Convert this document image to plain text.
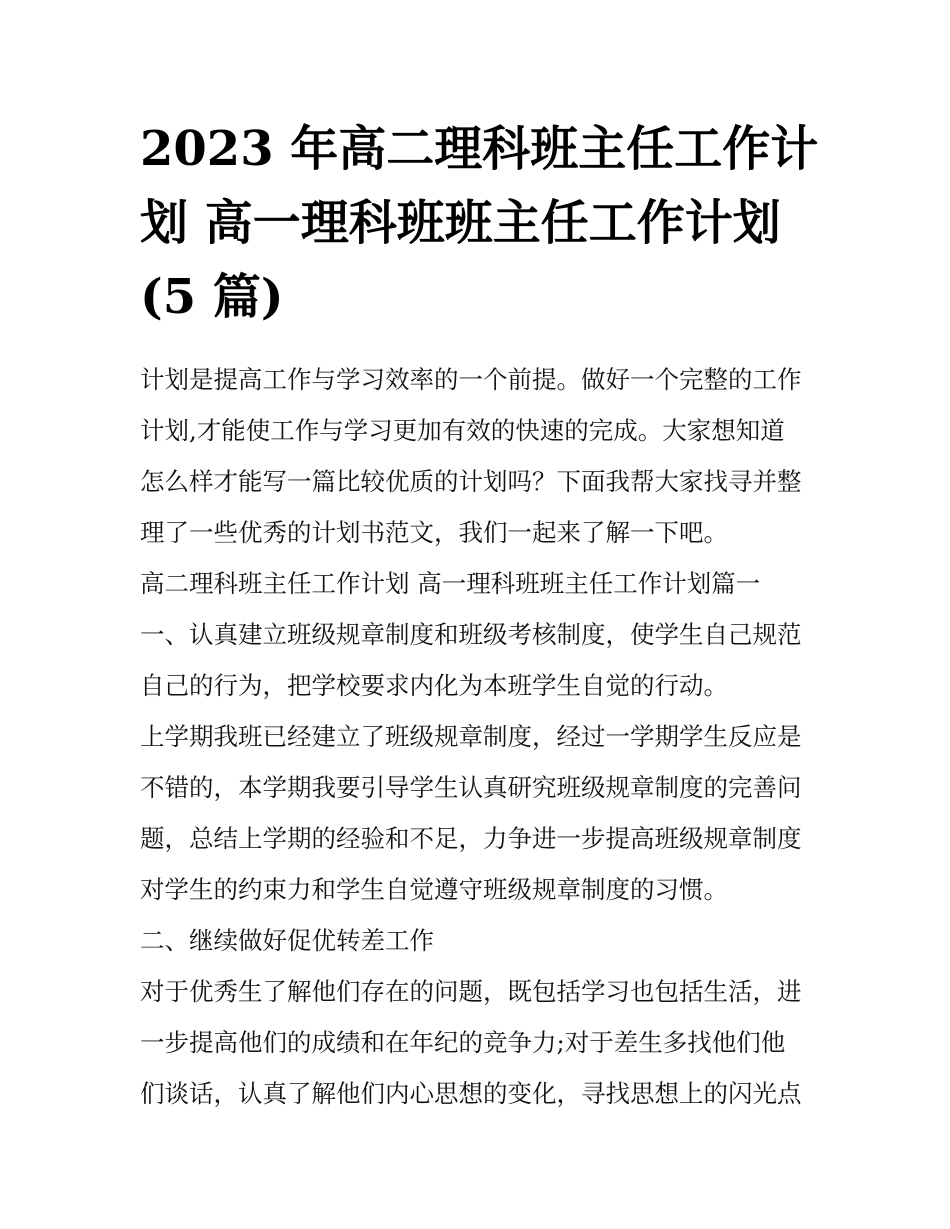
2023 年高二理科班主任工作计
划 高一理科班班主任工作计划
(5 篇)

计划是提高工作与学习效率的一个前提。做好一个完整的工作
计划,才能使工作与学习更加有效的快速的完成。大家想知道
怎么样才能写一篇比较优质的计划吗？下面我帮大家找寻并整
理了一些优秀的计划书范文，我们一起来了解一下吧。

高二理科班主任工作计划 高一理科班班主任工作计划篇一

一、认真建立班级规章制度和班级考核制度，使学生自己规范
自己的行为，把学校要求内化为本班学生自觉的行动。

上学期我班已经建立了班级规章制度，经过一学期学生反应是
不错的，本学期我要引导学生认真研究班级规章制度的完善问
题，总结上学期的经验和不足，力争进一步提高班级规章制度
对学生的约束力和学生自觉遵守班级规章制度的习惯。

二、继续做好促优转差工作

对于优秀生了解他们存在的问题，既包括学习也包括生活，进
一步提高他们的成绩和在年纪的竞争力;对于差生多找他们他
们谈话，认真了解他们内心思想的变化，寻找思想上的闪光点
